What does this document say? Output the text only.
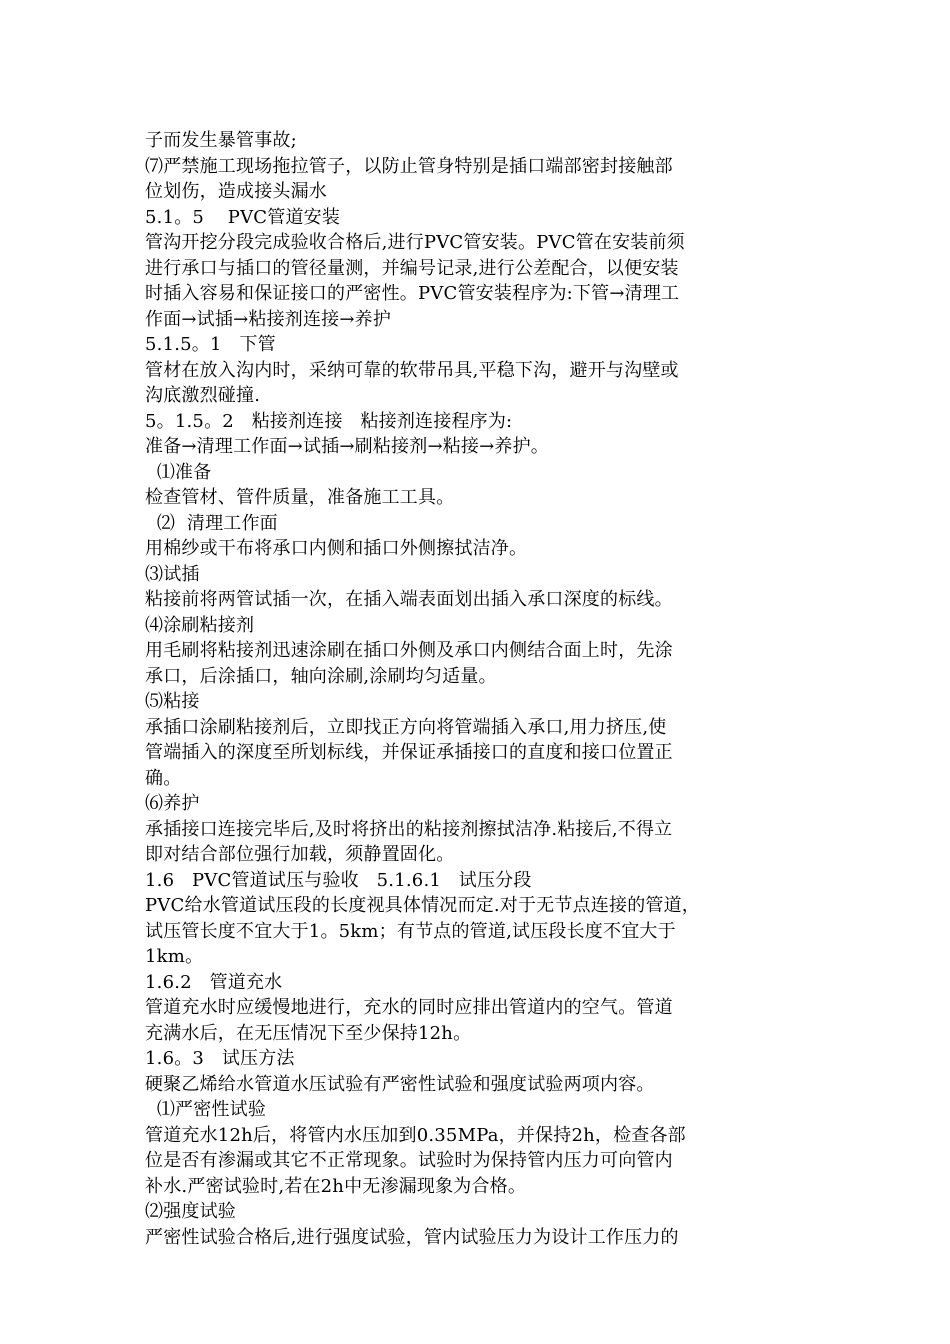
子而发生暴管事故;
⑺严禁施工现场拖拉管子，以防止管身特别是插口端部密封接触部
位划伤，造成接头漏水
5.1。5    PVC管道安装
管沟开挖分段完成验收合格后,进行PVC管安装。PVC管在安装前须
进行承口与插口的管径量测，并编号记录,进行公差配合，以便安装
时插入容易和保证接口的严密性。PVC管安装程序为:下管→清理工
作面→试插→粘接剂连接→养护
5.1.5。1   下管
管材在放入沟内时，采纳可靠的软带吊具,平稳下沟，避开与沟壁或
沟底激烈碰撞.
5。1.5。2   粘接剂连接   粘接剂连接程序为:
准备→清理工作面→试插→刷粘接剂→粘接→养护。
⑴准备
检查管材、管件质量，准备施工工具。
⑵  清理工作面
用棉纱或干布将承口内侧和插口外侧擦拭洁净。
⑶试插
粘接前将两管试插一次，在插入端表面划出插入承口深度的标线。
⑷涂刷粘接剂
用毛刷将粘接剂迅速涂刷在插口外侧及承口内侧结合面上时，先涂
承口，后涂插口，轴向涂刷,涂刷均匀适量。
⑸粘接
承插口涂刷粘接剂后，立即找正方向将管端插入承口,用力挤压,使
管端插入的深度至所划标线，并保证承插接口的直度和接口位置正
确。
⑹养护
承插接口连接完毕后,及时将挤出的粘接剂擦拭洁净.粘接后,不得立
即对结合部位强行加载，须静置固化。
1.6   PVC管道试压与验收   5.1.6.1   试压分段
PVC给水管道试压段的长度视具体情况而定.对于无节点连接的管道，
试压管长度不宜大于1。5km；有节点的管道,试压段长度不宜大于
1km。
1.6.2   管道充水
管道充水时应缓慢地进行，充水的同时应排出管道内的空气。管道
充满水后，在无压情况下至少保持12h。
1.6。3   试压方法
硬聚乙烯给水管道水压试验有严密性试验和强度试验两项内容。
⑴严密性试验
管道充水12h后，将管内水压加到0.35MPa，并保持2h，检查各部
位是否有渗漏或其它不正常现象。试验时为保持管内压力可向管内
补水.严密试验时,若在2h中无渗漏现象为合格。
⑵强度试验
严密性试验合格后,进行强度试验，管内试验压力为设计工作压力的
